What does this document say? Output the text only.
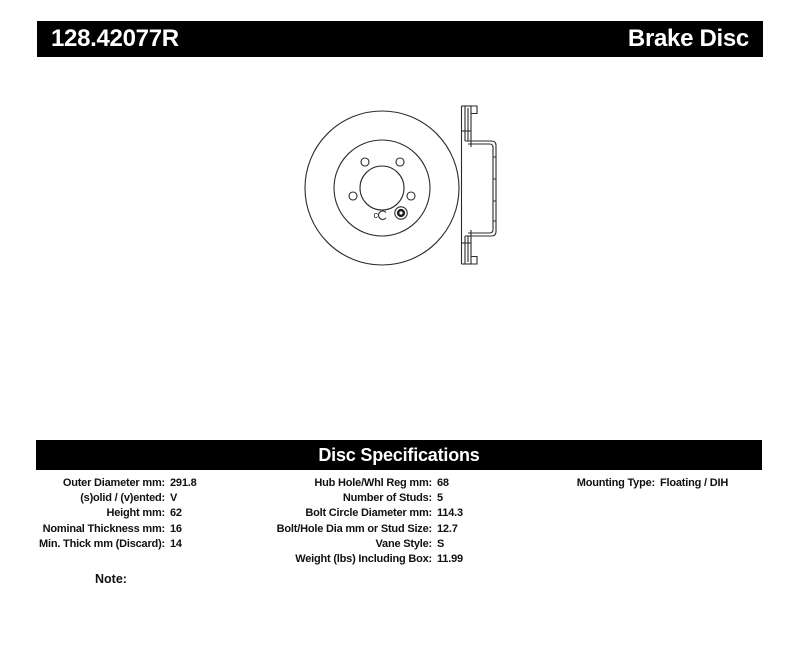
128.42077R	Brake Disc
c
Disc Specifications
Outer Diameter mm: 291.8
(s)olid / (v)ented: V
Height mm: 62
Nominal Thickness mm: 16
Min. Thick mm (Discard): 14
Hub Hole/Whl Reg mm: 68
Number of Studs: 5
Bolt Circle Diameter mm: 114.3
Bolt/Hole Dia mm or Stud Size: 12.7
Vane Style: S
Weight (lbs) Including Box: 11.99
Mounting Type: Floating / DIH
Note:
